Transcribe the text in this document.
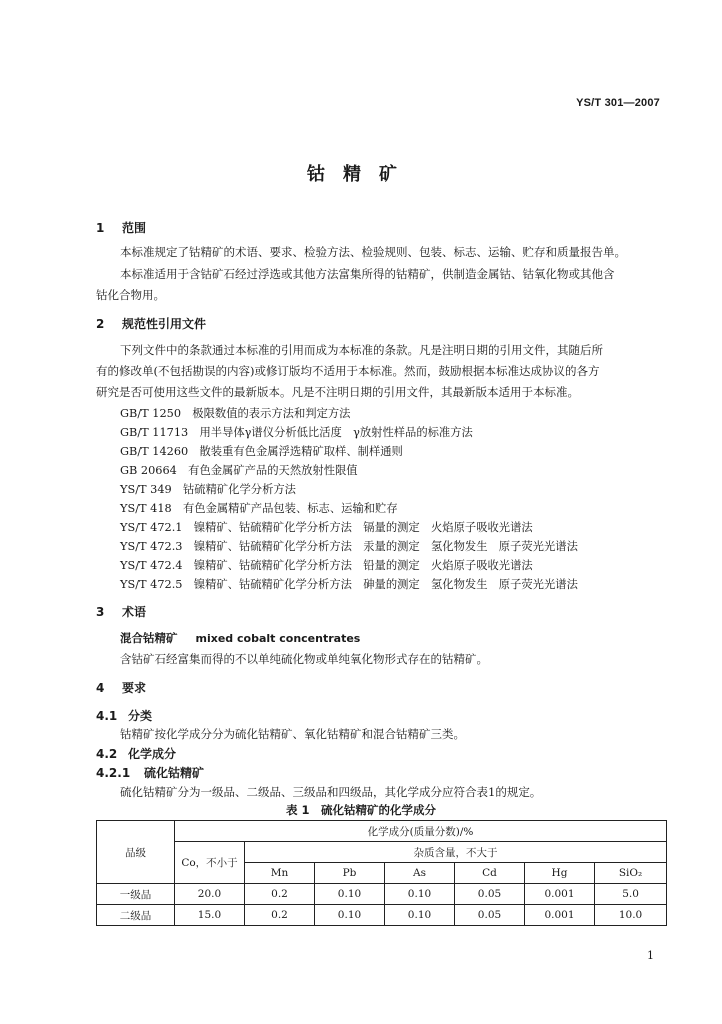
YS/T 301—2007
钴精矿
1 范围
本标准规定了钴精矿的术语、要求、检验方法、检验规则、包装、标志、运输、贮存和质量报告单。
本标准适用于含钴矿石经过浮选或其他方法富集所得的钴精矿，供制造金属钴、钴氧化物或其他含
钴化合物用。
2 规范性引用文件
下列文件中的条款通过本标准的引用而成为本标准的条款。凡是注明日期的引用文件，其随后所
有的修改单(不包括勘误的内容)或修订版均不适用于本标准。然而，鼓励根据本标准达成协议的各方
研究是否可使用这些文件的最新版本。凡是不注明日期的引用文件，其最新版本适用于本标准。
GB/T 1250　极限数值的表示方法和判定方法
GB/T 11713　用半导体γ谱仪分析低比活度　γ放射性样品的标准方法
GB/T 14260　散装重有色金属浮选精矿取样、制样通则
GB 20664　有色金属矿产品的天然放射性限值
YS/T 349　钴硫精矿化学分析方法
YS/T 418　有色金属精矿产品包装、标志、运输和贮存
YS/T 472.1　镍精矿、钴硫精矿化学分析方法　镉量的测定　火焰原子吸收光谱法
YS/T 472.3　镍精矿、钴硫精矿化学分析方法　汞量的测定　氢化物发生　原子荧光光谱法
YS/T 472.4　镍精矿、钴硫精矿化学分析方法　铅量的测定　火焰原子吸收光谱法
YS/T 472.5　镍精矿、钴硫精矿化学分析方法　砷量的测定　氢化物发生　原子荧光光谱法
3 术语
混合钴精矿 mixed cobalt concentrates
含钴矿石经富集而得的不以单纯硫化物或单纯氧化物形式存在的钴精矿。
4 要求
4.1 分类
钴精矿按化学成分分为硫化钴精矿、氧化钴精矿和混合钴精矿三类。
4.2 化学成分
4.2.1 硫化钴精矿
硫化钴精矿分为一级品、二级品、三级品和四级品，其化学成分应符合表1的规定。
表 1　硫化钴精矿的化学成分
品级	化学成分(质量分数)/%						
	Co，不小于	杂质含量，不大于					
		Mn	Pb	As	Cd	Hg	SiO₂
一级品	20.0	0.2	0.10	0.10	0.05	0.001	5.0
二级品	15.0	0.2	0.10	0.10	0.05	0.001	10.0
1
